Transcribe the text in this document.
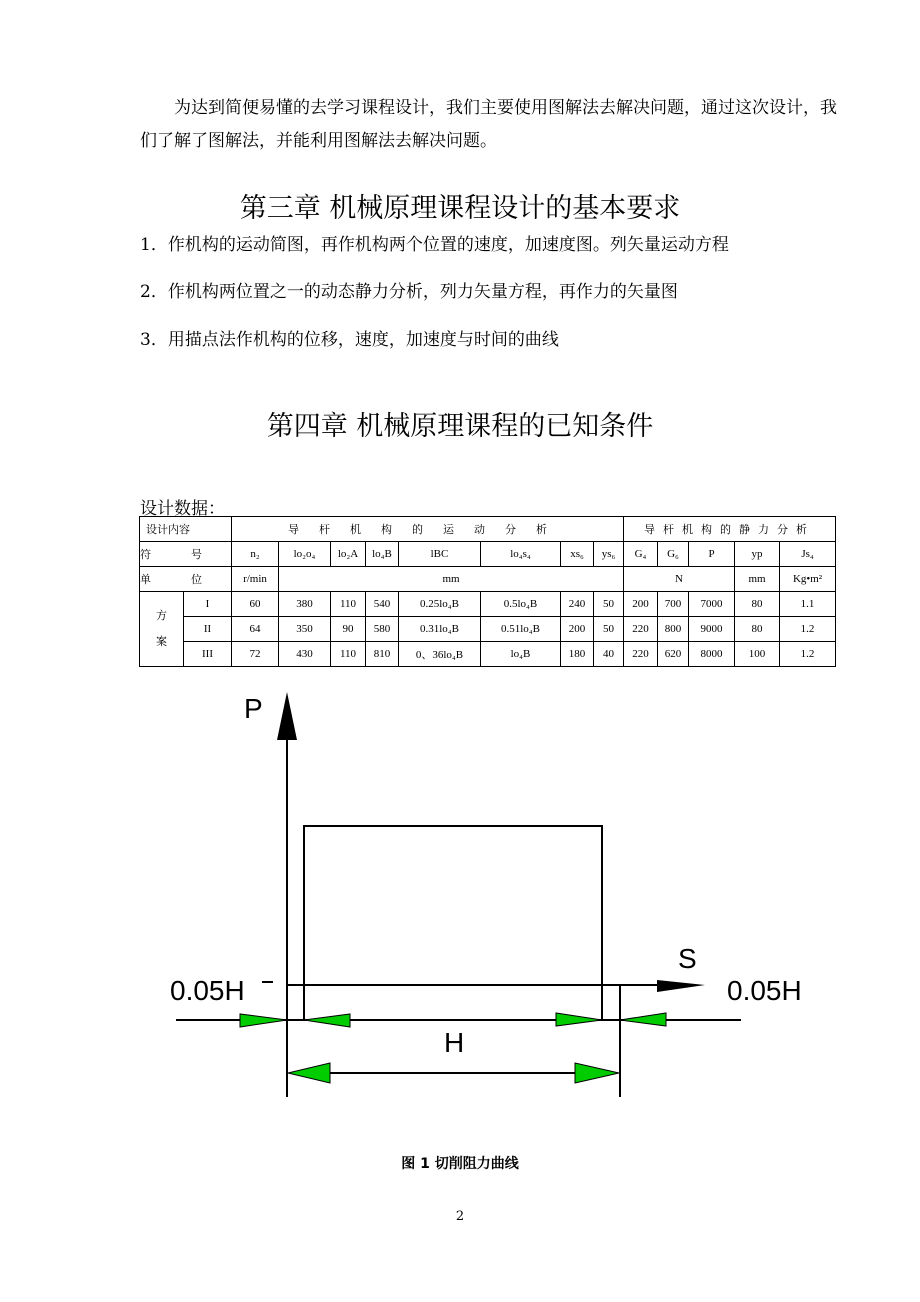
为达到简便易懂的去学习课程设计，我们主要使用图解法去解决问题，通过这次设计，我们了解了图解法，并能利用图解法去解决问题。

第三章 机械原理课程设计的基本要求
1．作机构的运动简图，再作机构两个位置的速度，加速度图。列矢量运动方程
2．作机构两位置之一的动态静力分析，列力矢量方程，再作力的矢量图
3．用描点法作机构的位移，速度，加速度与时间的曲线
第四章 机械原理课程的已知条件
设计数据：
设计内容		导杆机构的运动分析								导杆机构的静力分析				
符号		n₂	lo₂o₄	lo₂A	lo₄B	lBC	lo₄s₄	xs₆	ys₆	G₄	G₆	P	yp	Js₄
单位		r/min	mm							N			mm	Kg•m²
方案	I	60	380	110	540	0.25lo₄B	0.5lo₄B	240	50	200	700	7000	80	1.1
	II	64	350	90	580	0.31lo₄B	0.51lo₄B	200	50	220	800	9000	80	1.2
	III	72	430	110	810	0、36lo₄B	lo₄B	180	40	220	620	8000	100	1.2
P
S
0.05H	0.05H
H
图 1 切削阻力曲线
2
